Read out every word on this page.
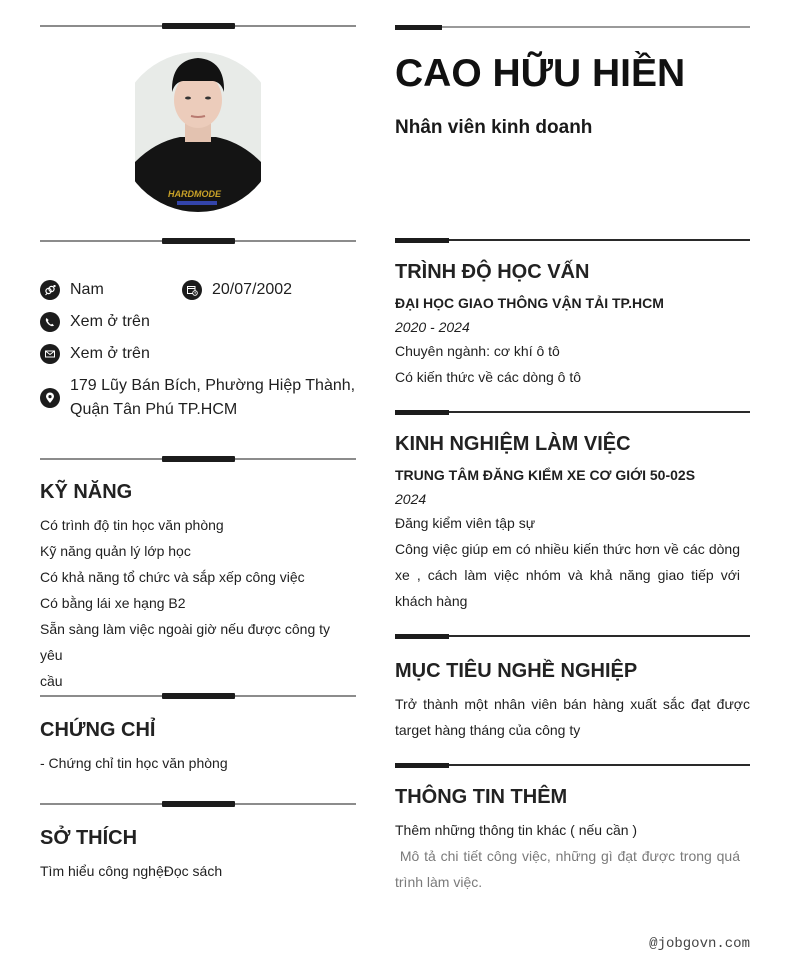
HARDMODE
Nam	20/07/2002
Xem ở trên
Xem ở trên
179 Lũy Bán Bích, Phường Hiệp Thành,
Quận Tân Phú TP.HCM
KỸ NĂNG
Có trình độ tin học văn phòng
Kỹ năng quản lý lớp học
Có khả năng tổ chức và sắp xếp công việc
Có bằng lái xe hạng B2
Sẵn sàng làm việc ngoài giờ nếu được công ty yêu
cầu
CHỨNG CHỈ
- Chứng chỉ tin học văn phòng
SỞ THÍCH
Tìm hiểu công nghệĐọc sách
CAO HỮU HIỀN
Nhân viên kinh doanh
TRÌNH ĐỘ HỌC VẤN
ĐẠI HỌC GIAO THÔNG VẬN TẢI TP.HCM
2020 - 2024
Chuyên ngành: cơ khí ô tô
Có kiến thức về các dòng ô tô
KINH NGHIỆM LÀM VIỆC
TRUNG TÂM ĐĂNG KIỂM XE CƠ GIỚI 50-02S
2024
Đăng kiểm viên tập sự
Công việc giúp em có nhiều kiến thức hơn về các dòng xe , cách làm việc nhóm và khả năng giao tiếp với khách hàng
MỤC TIÊU NGHỀ NGHIỆP
Trở thành một nhân viên bán hàng xuất sắc đạt được target hàng tháng của công ty
THÔNG TIN THÊM
Thêm những thông tin khác ( nếu cần )
Mô tả chi tiết công việc, những gì đạt được trong quá trình làm việc.
@jobgovn.com
